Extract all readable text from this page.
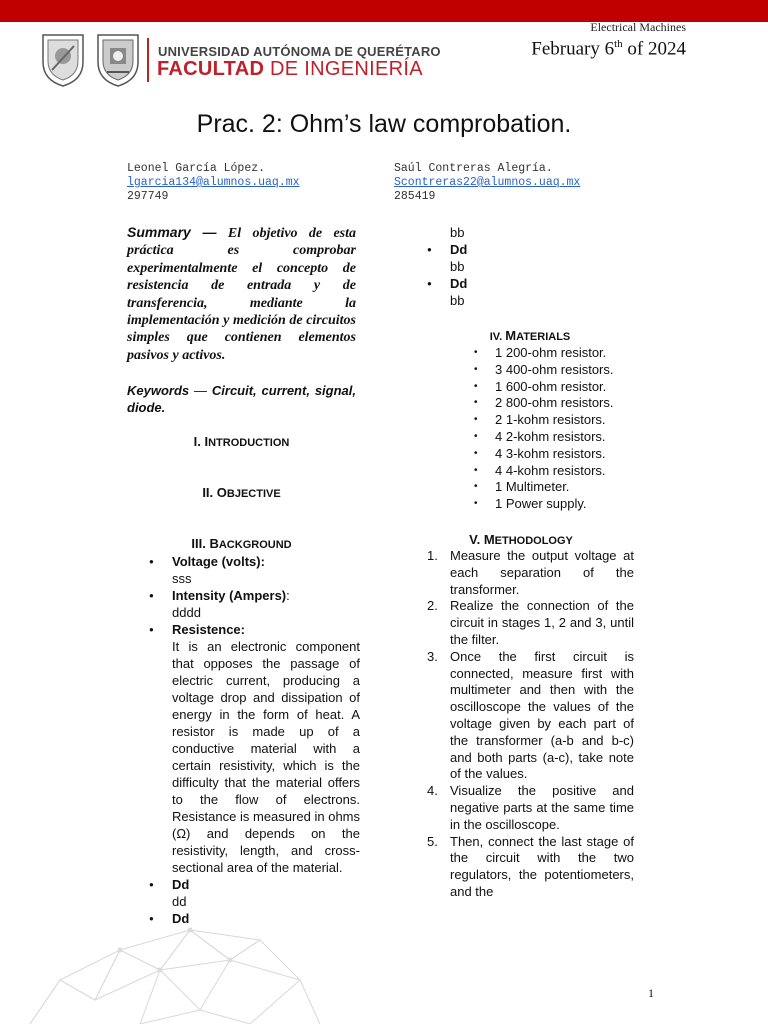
Electrical Machines
February 6th of 2024
UNIVERSIDAD AUTÓNOMA DE QUERÉTARO
FACULTAD DE INGENIERÍA
Prac. 2: Ohm’s law comprobation.
Leonel García López.
lgarcia134@alumnos.uaq.mx
297749
Saúl Contreras Alegría.
Scontreras22@alumnos.uaq.mx
285419
Summary — El objetivo de esta práctica es comprobar experimentalmente el concepto de resistencia de entrada y de transferencia, mediante la implementación y medición de circuitos simples que contienen elementos pasivos y activos.
Keywords — Circuit, current, signal, diode.
I. INTRODUCTION
II. OBJECTIVE
III. BACKGROUND
● Voltage (volts):
sss
● Intensity (Ampers):
dddd
● Resistence:
It is an electronic component that opposes the passage of electric current, producing a voltage drop and dissipation of energy in the form of heat. A resistor is made up of a conductive material with a certain resistivity, which is the difficulty that the material offers to the flow of electrons. Resistance is measured in ohms (Ω) and depends on the resistivity, length, and cross-sectional area of the material.
● Dd
dd
● Dd
bb
● Dd
bb
● Dd
bb
IV. MATERIALS
• 1 200-ohm resistor.
• 3 400-ohm resistors.
• 1 600-ohm resistor.
• 2 800-ohm resistors.
• 2 1-kohm resistors.
• 4 2-kohm resistors.
• 4 3-kohm resistors.
• 4 4-kohm resistors.
• 1 Multimeter.
• 1 Power supply.
V. METHODOLOGY
1. Measure the output voltage at each separation of the transformer.
2. Realize the connection of the circuit in stages 1, 2 and 3, until the filter.
3. Once the first circuit is connected, measure first with multimeter and then with the oscilloscope the values of the voltage given by each part of the transformer (a-b and b-c) and both parts (a-c), take note of the values.
4. Visualize the positive and negative parts at the same time in the oscilloscope.
5. Then, connect the last stage of the circuit with the two regulators, the potentiometers, and the
1
